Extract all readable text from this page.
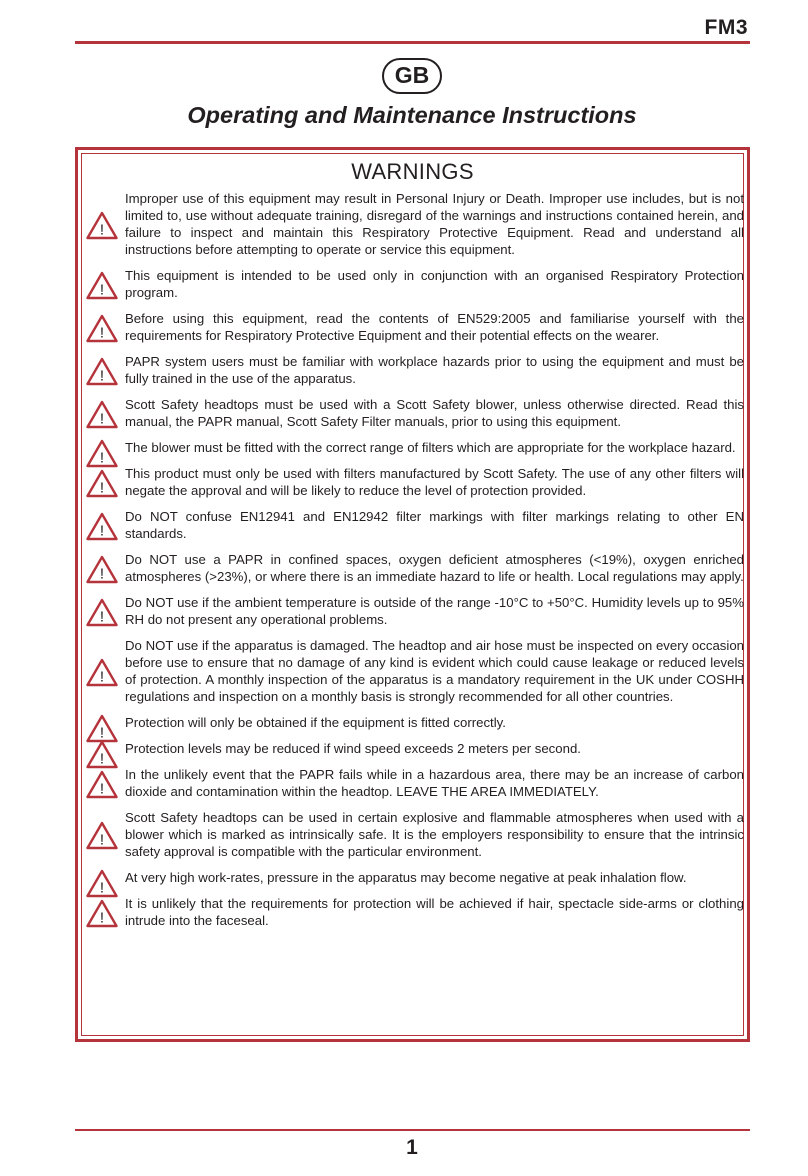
FM3
GB
Operating and Maintenance Instructions
WARNINGS
!
Improper use of this equipment may result in Personal Injury or Death. Improper use includes, but is not limited to, use without adequate training, disregard of the warnings and instructions contained herein, and failure to inspect and maintain this Respiratory Protective Equipment. Read and understand all instructions before attempting to operate or service this equipment.
!
This equipment is intended to be used only in conjunction with an organised Respiratory Protection program.
!
Before using this equipment, read the contents of EN529:2005 and familiarise yourself with the requirements for Respiratory Protective Equipment and their potential effects on the wearer.
!
PAPR system users must be familiar with workplace hazards prior to using the equipment and must be fully trained in the use of the apparatus.
!
Scott Safety headtops must be used with a Scott Safety blower, unless otherwise directed. Read this manual, the PAPR manual, Scott Safety Filter manuals, prior to using this equipment.
!
The blower must be fitted with the correct range of filters which are appropriate for the workplace hazard.
!
This product must only be used with filters manufactured by Scott Safety. The use of any other filters will negate the approval and will be likely to reduce the level of protection provided.
!
Do NOT confuse EN12941 and EN12942 filter markings with filter markings relating to other EN standards.
!
Do NOT use a PAPR in confined spaces, oxygen deficient atmospheres (<19%), oxygen enriched atmospheres (>23%), or where there is an immediate hazard to life or health. Local regulations may apply.
!
Do NOT use if the ambient temperature is outside of the range -10°C to +50°C. Humidity levels up to 95% RH do not present any operational problems.
!
Do NOT use if the apparatus is damaged. The headtop and air hose must be inspected on every occasion before use to ensure that no damage of any kind is evident which could cause leakage or reduced levels of protection. A monthly inspection of the apparatus is a mandatory requirement in the UK under COSHH regulations and inspection on a monthly basis is strongly recommended for all other countries.
!
Protection will only be obtained if the equipment is fitted correctly.
!
Protection levels may be reduced if wind speed exceeds 2 meters per second.
!
In the unlikely event that the PAPR fails while in a hazardous area, there may be an increase of carbon dioxide and contamination within the headtop. LEAVE THE AREA IMMEDIATELY.
!
Scott Safety headtops can be used in certain explosive and flammable atmospheres when used with a blower which is marked as intrinsically safe. It is the employers responsibility to ensure that the intrinsic safety approval is compatible with the particular environment.
!
At very high work-rates, pressure in the apparatus may become negative at peak inhalation flow.
!
It is unlikely that the requirements for protection will be achieved if hair, spectacle side-arms or clothing intrude into the faceseal.
1
